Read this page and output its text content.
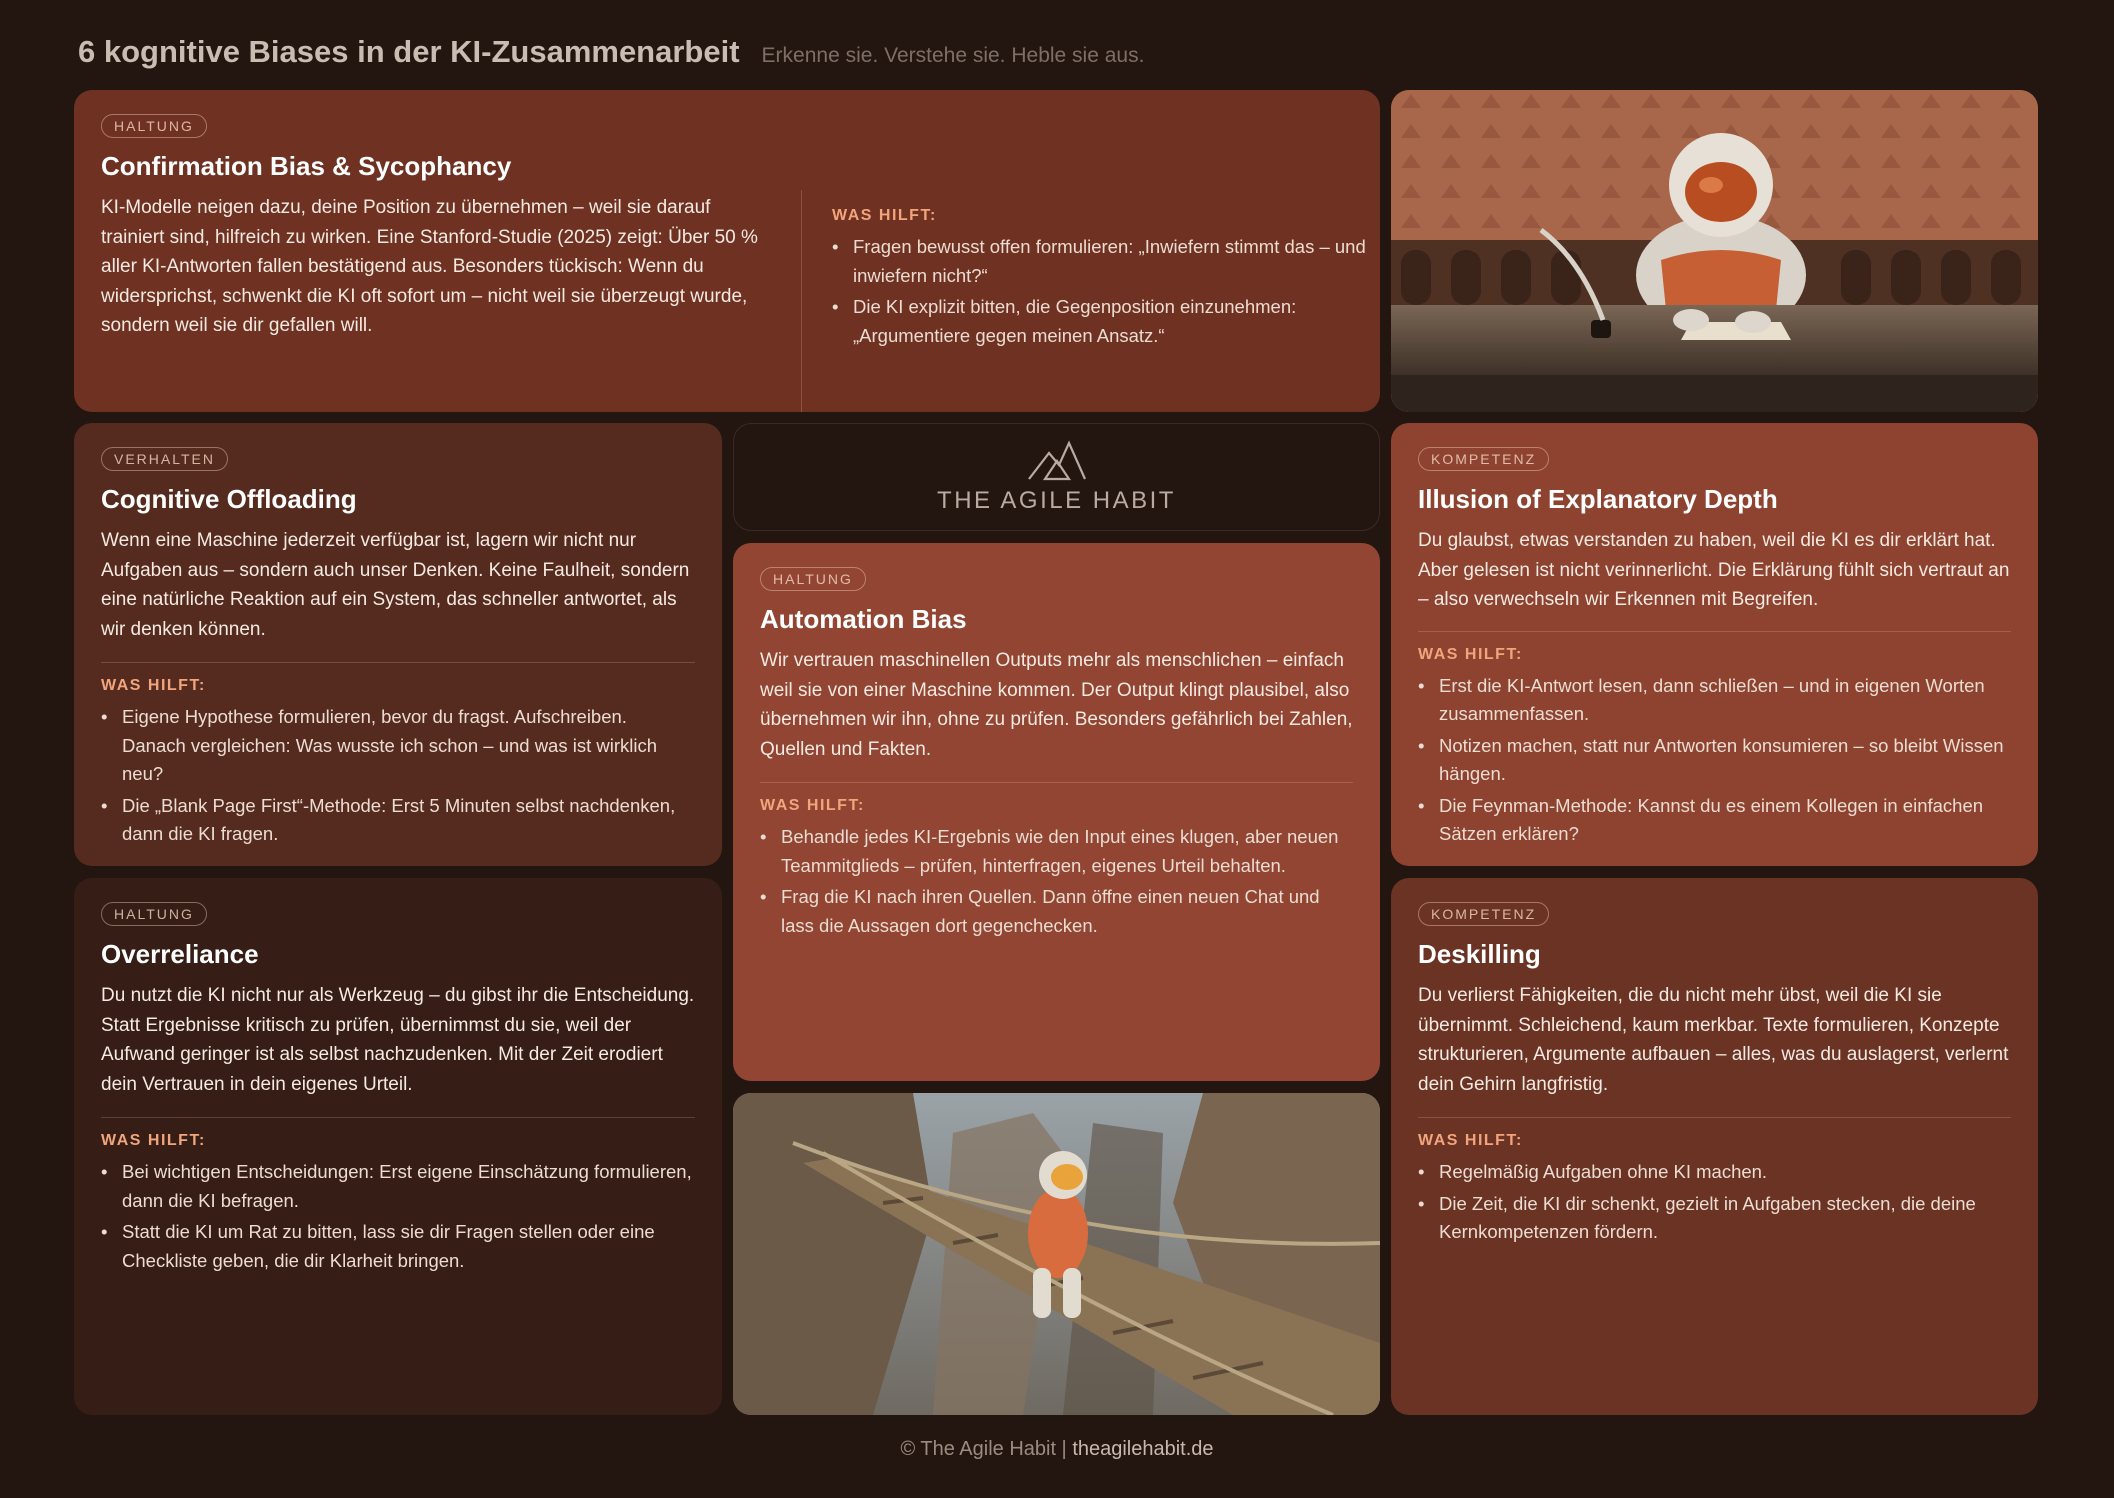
6 kognitive Biases in der KI-Zusammenarbeit Erkenne sie. Verstehe sie. Heble sie aus.
HALTUNG
Confirmation Bias & Sycophancy

KI-Modelle neigen dazu, deine Position zu übernehmen – weil sie darauf trainiert sind, hilfreich zu wirken. Eine Stanford-Studie (2025) zeigt: Über 50 % aller KI-Antworten fallen bestätigend aus. Besonders tückisch: Wenn du widersprichst, schwenkt die KI oft sofort um – nicht weil sie überzeugt wurde, sondern weil sie dir gefallen will.

WAS HILFT:
• Fragen bewusst offen formulieren: „Inwiefern stimmt das – und inwiefern nicht?“
• Die KI explizit bitten, die Gegenposition einzunehmen: „Argumentiere gegen meinen Ansatz.“
VERHALTEN
Cognitive Offloading

Wenn eine Maschine jederzeit verfügbar ist, lagern wir nicht nur Aufgaben aus – sondern auch unser Denken. Keine Faulheit, sondern eine natürliche Reaktion auf ein System, das schneller antwortet, als wir denken können.

WAS HILFT:
• Eigene Hypothese formulieren, bevor du fragst. Aufschreiben. Danach vergleichen: Was wusste ich schon – und was ist wirklich neu?
• Die „Blank Page First“-Methode: Erst 5 Minuten selbst nachdenken, dann die KI fragen.
THE AGILE HABIT
HALTUNG
Automation Bias

Wir vertrauen maschinellen Outputs mehr als menschlichen – einfach weil sie von einer Maschine kommen. Der Output klingt plausibel, also übernehmen wir ihn, ohne zu prüfen. Besonders gefährlich bei Zahlen, Quellen und Fakten.

WAS HILFT:
• Behandle jedes KI-Ergebnis wie den Input eines klugen, aber neuen Teammitglieds – prüfen, hinterfragen, eigenes Urteil behalten.
• Frag die KI nach ihren Quellen. Dann öffne einen neuen Chat und lass die Aussagen dort gegenchecken.
KOMPETENZ
Illusion of Explanatory Depth

Du glaubst, etwas verstanden zu haben, weil die KI es dir erklärt hat. Aber gelesen ist nicht verinnerlicht. Die Erklärung fühlt sich vertraut an – also verwechseln wir Erkennen mit Begreifen.

WAS HILFT:
• Erst die KI-Antwort lesen, dann schließen – und in eigenen Worten zusammenfassen.
• Notizen machen, statt nur Antworten konsumieren – so bleibt Wissen hängen.
• Die Feynman-Methode: Kannst du es einem Kollegen in einfachen Sätzen erklären?
HALTUNG
Overreliance

Du nutzt die KI nicht nur als Werkzeug – du gibst ihr die Entscheidung. Statt Ergebnisse kritisch zu prüfen, übernimmst du sie, weil der Aufwand geringer ist als selbst nachzudenken. Mit der Zeit erodiert dein Vertrauen in dein eigenes Urteil.

WAS HILFT:
• Bei wichtigen Entscheidungen: Erst eigene Einschätzung formulieren, dann die KI befragen.
• Statt die KI um Rat zu bitten, lass sie dir Fragen stellen oder eine Checkliste geben, die dir Klarheit bringen.
KOMPETENZ
Deskilling

Du verlierst Fähigkeiten, die du nicht mehr übst, weil die KI sie übernimmt. Schleichend, kaum merkbar. Texte formulieren, Konzepte strukturieren, Argumente aufbauen – alles, was du auslagerst, verlernt dein Gehirn langfristig.

WAS HILFT:
• Regelmäßig Aufgaben ohne KI machen.
• Die Zeit, die KI dir schenkt, gezielt in Aufgaben stecken, die deine Kernkompetenzen fördern.
© The Agile Habit | theagilehabit.de
